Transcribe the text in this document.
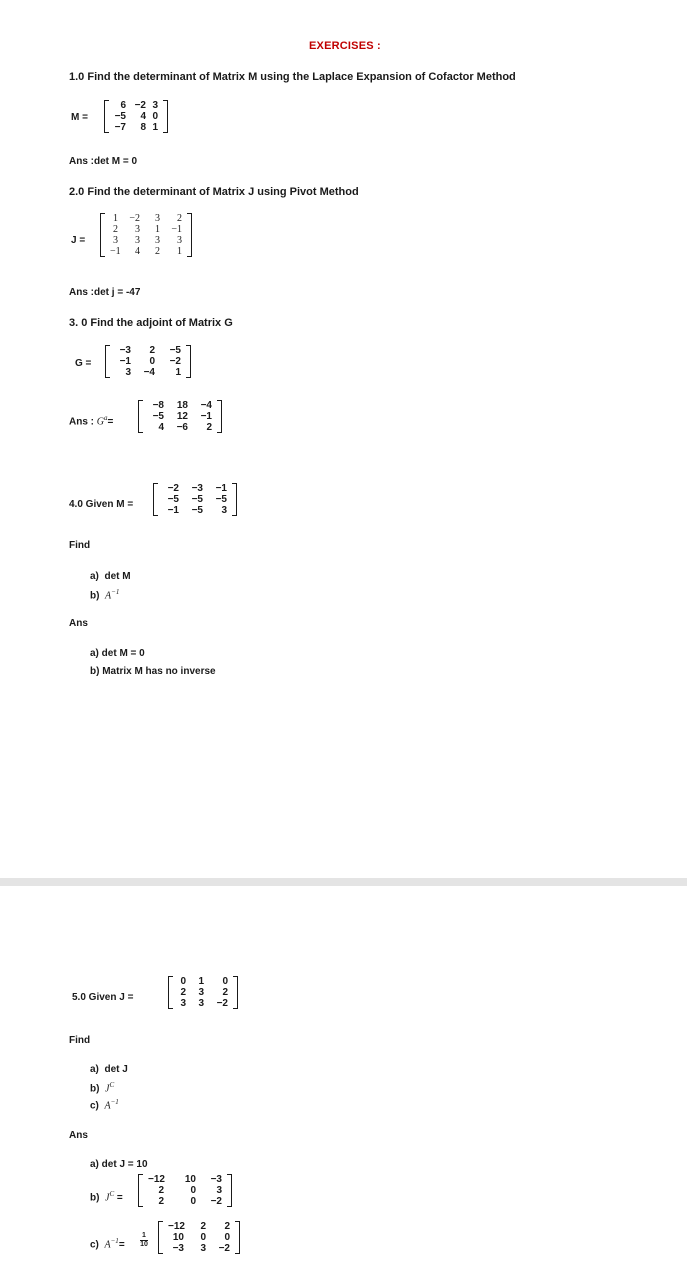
EXERCISES :
1.0 Find the determinant of Matrix M using the Laplace Expansion of Cofactor Method
M =
6 −2 3
−5	4 0
−7	8 1
Ans :det M = 0
2.0 Find the determinant of Matrix J using Pivot Method
J =
1	−2	3	2
2	3	1	−1
3	3	3	3
−1	4	2	1
Ans :det j = -47
3. 0 Find the adjoint of Matrix G
G =
−3	2	−5
−1	0	−2
3	−4	1
Ans : $G^a=$
−8	18	−4
−5	12	−1
4	−6	2
4.0 Given M =
−2	−3	−1
−5	−5	−5
−1	−5	3
Find
a) det M
b) $A^{-1}$
Ans
a) det M = 0
b) Matrix M has no inverse
5.0 Given J =
0	1	0
2	3	2
3	3	−2
Find
a) det J
b) $J^C$
c) $A^{-1}$
Ans
a) det J = 10
b) $J^C$ =
−12	10	−3
2	0	3
2	0	−2
c) $A^{-1}=$
1
10
−12	2	2
10	0	0
−3	3	−2
